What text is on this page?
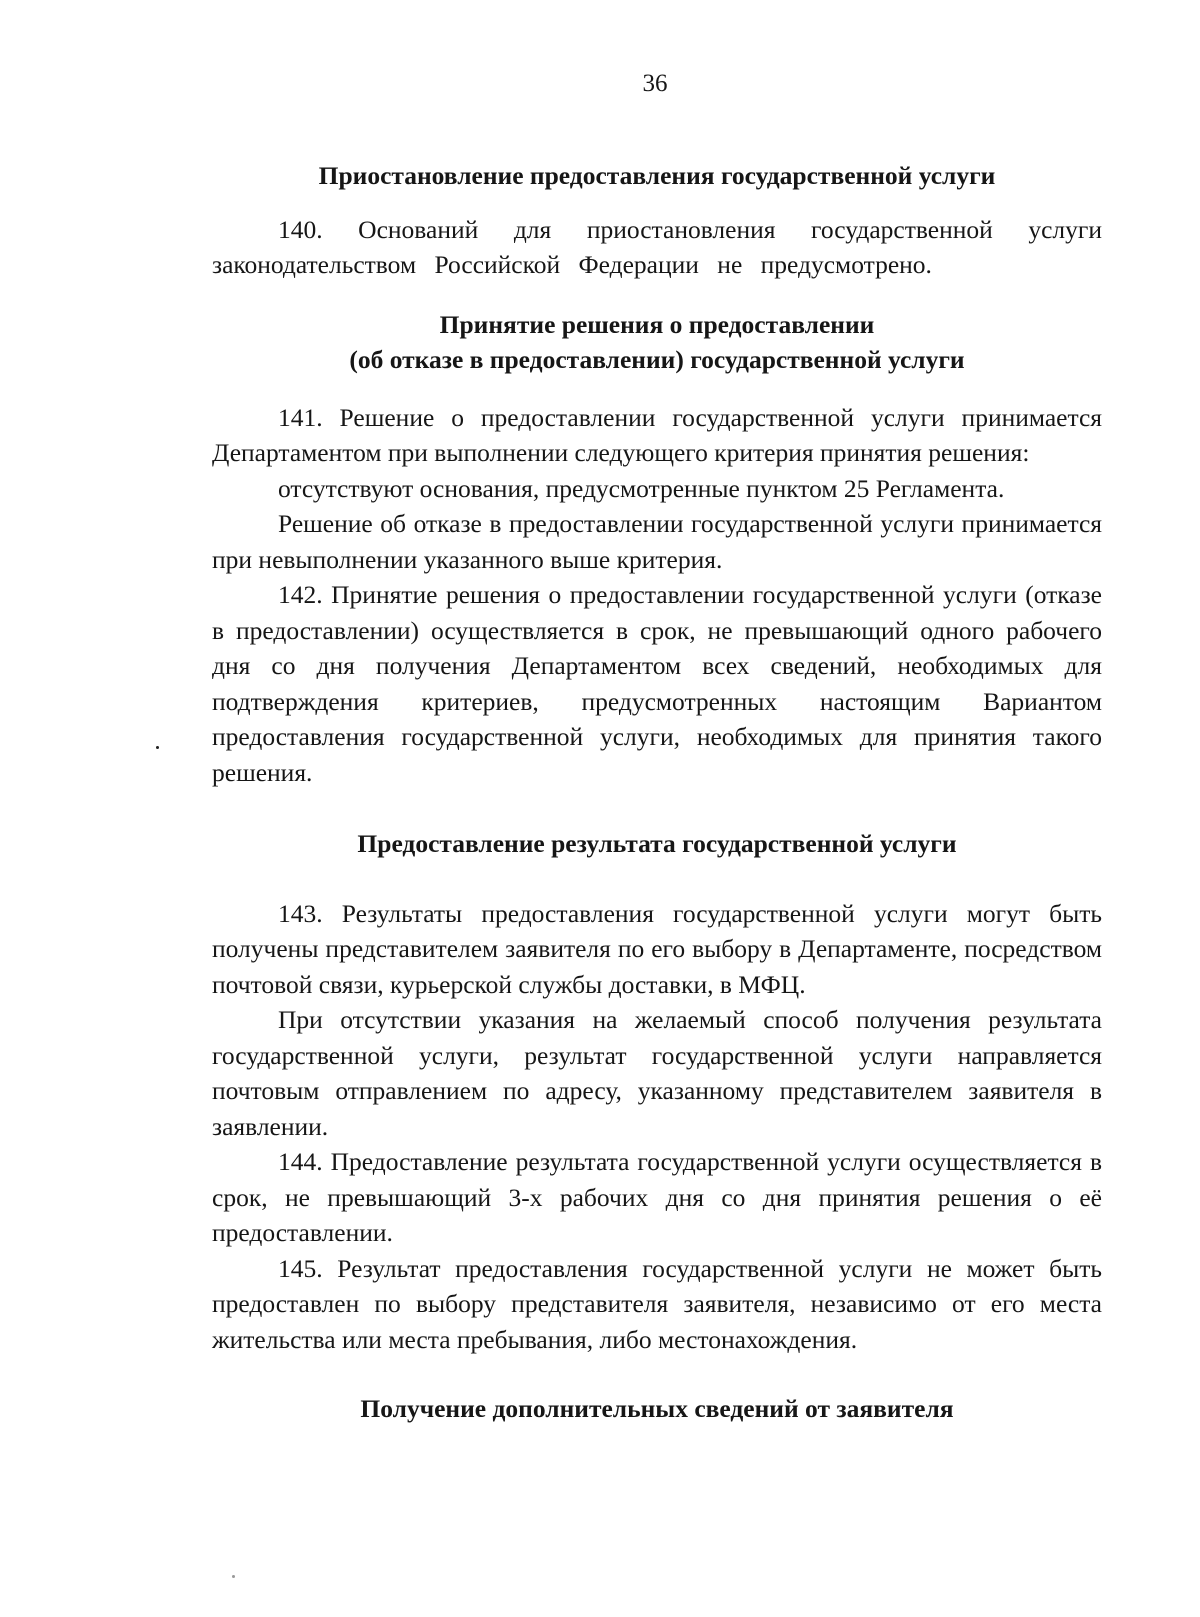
36
Приостановление предоставления государственной услуги

140. Оснований для приостановления государственной услуги законодательством Российской Федерации не предусмотрено.

Принятие решения о предоставлении
(об отказе в предоставлении) государственной услуги

141. Решение о предоставлении государственной услуги принимается Департаментом при выполнении следующего критерия принятия решения:

отсутствуют основания, предусмотренные пунктом 25 Регламента.

Решение об отказе в предоставлении государственной услуги принимается при невыполнении указанного выше критерия.

142. Принятие решения о предоставлении государственной услуги (отказе в предоставлении) осуществляется в срок, не превышающий одного рабочего дня со дня получения Департаментом всех сведений, необходимых для подтверждения критериев, предусмотренных настоящим Вариантом предоставления государственной услуги, необходимых для принятия такого решения.

Предоставление результата государственной услуги

143. Результаты предоставления государственной услуги могут быть получены представителем заявителя по его выбору в Департаменте, посредством почтовой связи, курьерской службы доставки, в МФЦ.

При отсутствии указания на желаемый способ получения результата государственной услуги, результат государственной услуги направляется почтовым отправлением по адресу, указанному представителем заявителя в заявлении.

144. Предоставление результата государственной услуги осуществляется в срок, не превышающий 3-х рабочих дня со дня принятия решения о её предоставлении.

145. Результат предоставления государственной услуги не может быть предоставлен по выбору представителя заявителя, независимо от его места жительства или места пребывания, либо местонахождения.

Получение дополнительных сведений от заявителя
